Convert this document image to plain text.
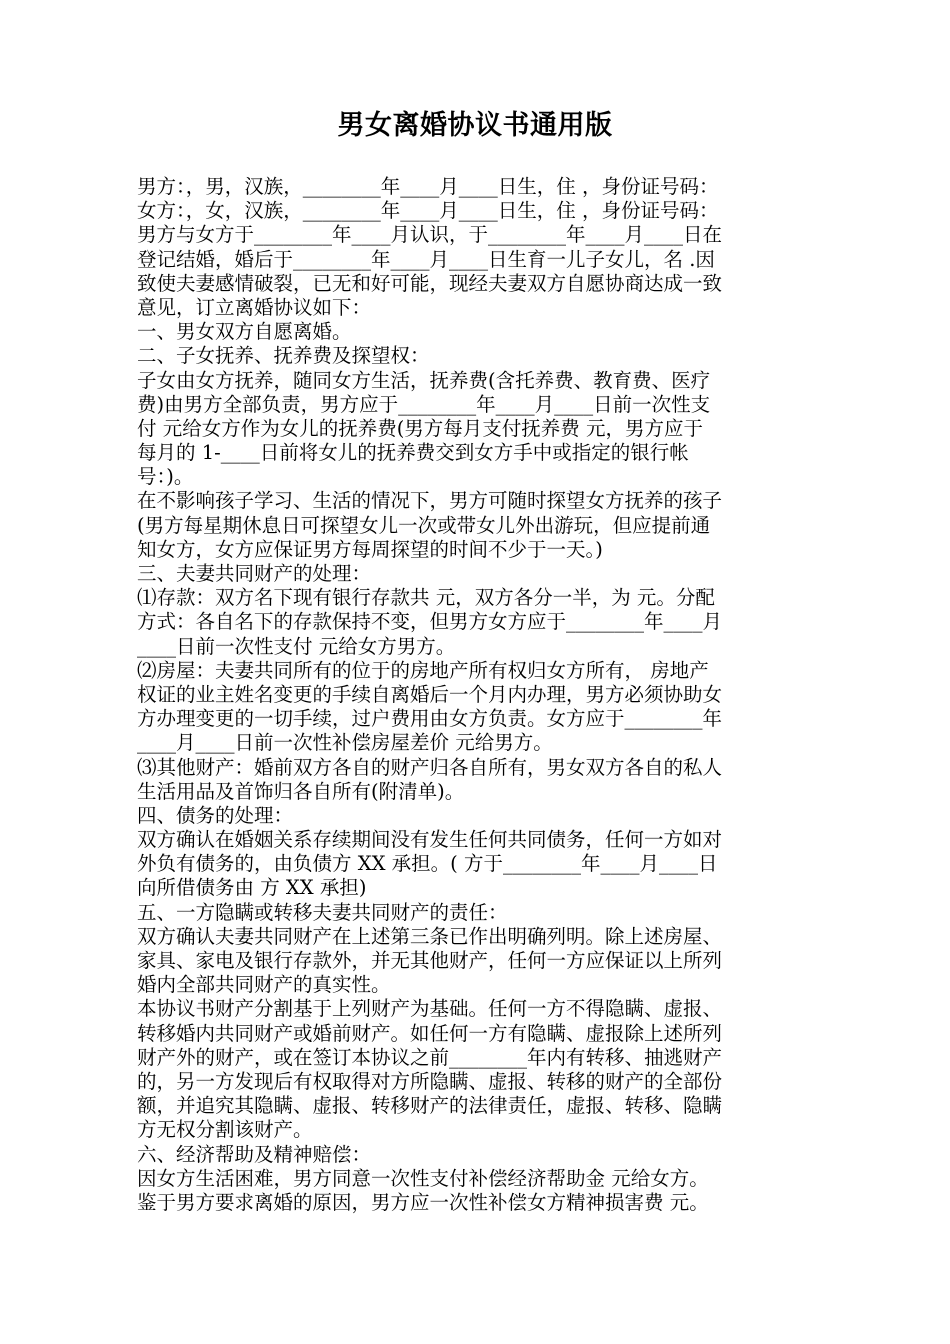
男女离婚协议书通用版
男方：，男，汉族，________年____月____日生，住 ，身份证号码：
女方：，女，汉族，________年____月____日生，住 ，身份证号码：
男方与女方于________年____月认识，于________年____月____日在
登记结婚，婚后于________年____月____日生育一儿子女儿，名 .因
致使夫妻感情破裂，已无和好可能，现经夫妻双方自愿协商达成一致
意见，订立离婚协议如下：
一、男女双方自愿离婚。
二、子女抚养、抚养费及探望权：
子女由女方抚养，随同女方生活，抚养费(含托养费、教育费、医疗
费)由男方全部负责，男方应于________年____月____日前一次性支
付 元给女方作为女儿的抚养费(男方每月支付抚养费 元，男方应于
每月的 1-____日前将女儿的抚养费交到女方手中或指定的银行帐
号：)。
在不影响孩子学习、生活的情况下，男方可随时探望女方抚养的孩子
(男方每星期休息日可探望女儿一次或带女儿外出游玩，但应提前通
知女方，女方应保证男方每周探望的时间不少于一天。)
三、夫妻共同财产的处理：
⑴存款：双方名下现有银行存款共 元，双方各分一半，为 元。分配
方式：各自名下的存款保持不变，但男方女方应于________年____月
____日前一次性支付 元给女方男方。
⑵房屋：夫妻共同所有的位于的房地产所有权归女方所有， 房地产
权证的业主姓名变更的手续自离婚后一个月内办理，男方必须协助女
方办理变更的一切手续，过户费用由女方负责。女方应于________年
____月____日前一次性补偿房屋差价 元给男方。
⑶其他财产：婚前双方各自的财产归各自所有，男女双方各自的私人
生活用品及首饰归各自所有(附清单)。
四、债务的处理：
双方确认在婚姻关系存续期间没有发生任何共同债务，任何一方如对
外负有债务的，由负债方 XX 承担。( 方于________年____月____日
向所借债务由 方 XX 承担)
五、一方隐瞒或转移夫妻共同财产的责任：
双方确认夫妻共同财产在上述第三条已作出明确列明。除上述房屋、
家具、家电及银行存款外，并无其他财产，任何一方应保证以上所列
婚内全部共同财产的真实性。
本协议书财产分割基于上列财产为基础。任何一方不得隐瞒、虚报、
转移婚内共同财产或婚前财产。如任何一方有隐瞒、虚报除上述所列
财产外的财产，或在签订本协议之前________年内有转移、抽逃财产
的，另一方发现后有权取得对方所隐瞒、虚报、转移的财产的全部份
额，并追究其隐瞒、虚报、转移财产的法律责任，虚报、转移、隐瞒
方无权分割该财产。
六、经济帮助及精神赔偿：
因女方生活困难，男方同意一次性支付补偿经济帮助金 元给女方。
鉴于男方要求离婚的原因，男方应一次性补偿女方精神损害费 元。
